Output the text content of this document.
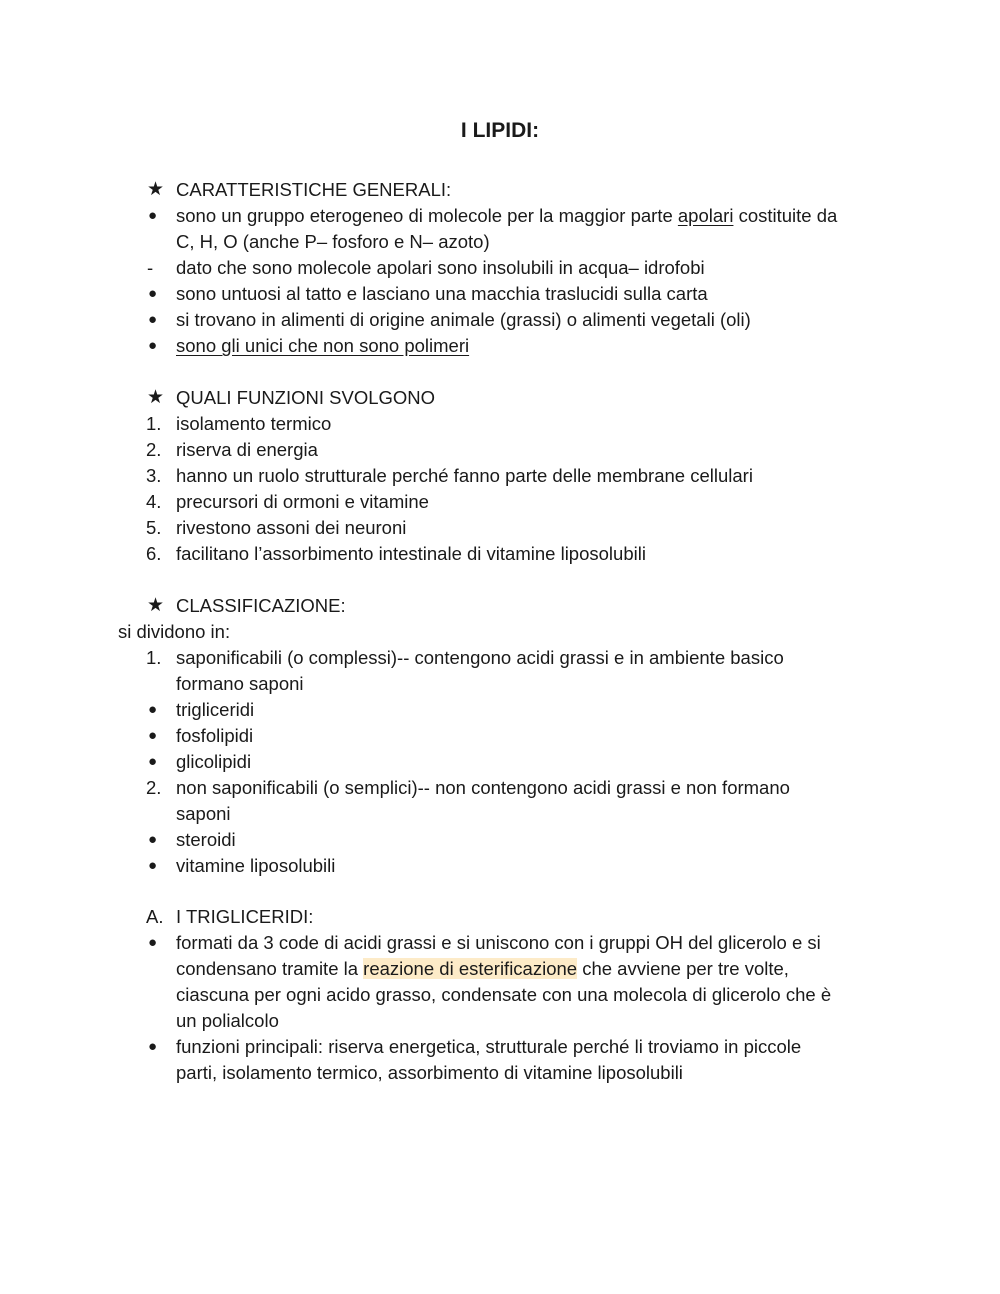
I LIPIDI:
★ CARATTERISTICHE GENERALI:
●	sono un gruppo eterogeneo di molecole per la maggior parte apolari costituite da
C, H, O (anche P– fosforo e N– azoto)
-	dato che sono molecole apolari sono insolubili in acqua– idrofobi
●	sono untuosi al tatto e lasciano una macchia traslucidi sulla carta
●	si trovano in alimenti di origine animale (grassi) o alimenti vegetali (oli)
●	sono gli unici che non sono polimeri
★ QUALI FUNZIONI SVOLGONO
1. isolamento termico
2. riserva di energia
3. hanno un ruolo strutturale perché fanno parte delle membrane cellulari
4. precursori di ormoni e vitamine
5. rivestono assoni dei neuroni
6. facilitano l’assorbimento intestinale di vitamine liposolubili
★ CLASSIFICAZIONE:
si dividono in:
1. saponificabili (o complessi)-- contengono acidi grassi e in ambiente basico
formano saponi
●	trigliceridi
●	fosfolipidi
●	glicolipidi
2. non saponificabili (o semplici)-- non contengono acidi grassi e non formano
saponi
●	steroidi
●	vitamine liposolubili
A. I TRIGLICERIDI:
●	formati da 3 code di acidi grassi e si uniscono con i gruppi OH del glicerolo e si
condensano tramite la reazione di esterificazione che avviene per tre volte,
ciascuna per ogni acido grasso, condensate con una molecola di glicerolo che è
un polialcolo
●	funzioni principali: riserva energetica, strutturale perché li troviamo in piccole
parti, isolamento termico, assorbimento di vitamine liposolubili
